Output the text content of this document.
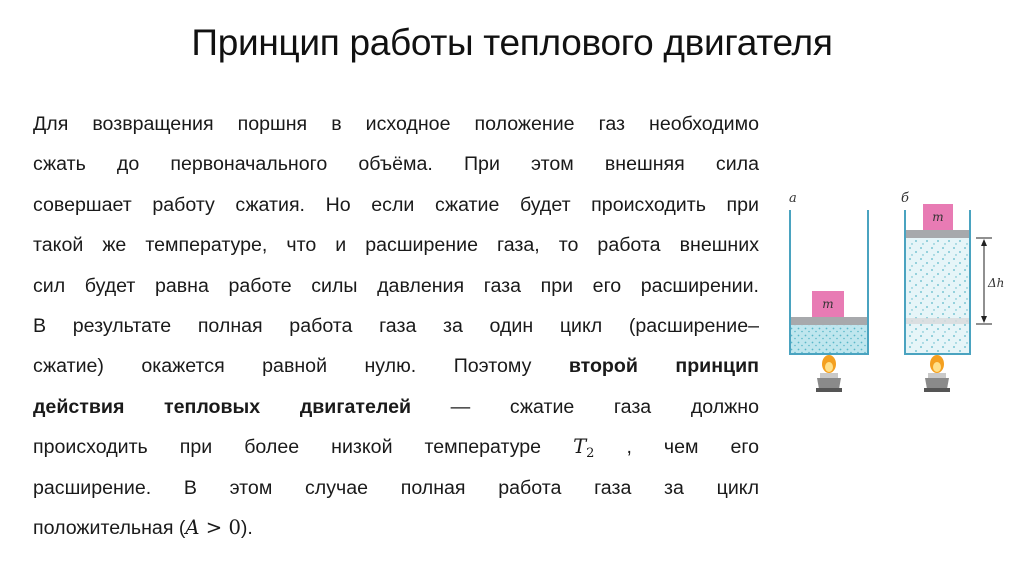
Принцип работы теплового двигателя
Для возвращения поршня в исходное положение газ необходимо
сжать до первоначального объёма. При этом внешняя сила
совершает работу сжатия. Но если сжатие будет происходить при
такой же температуре, что и расширение газа, то работа внешних
сил будет равна работе силы давления газа при его расширении.
В результате полная работа газа за один цикл (расширение–
сжатие) окажется равной нулю. Поэтому второй принцип
действия тепловых двигателей — сжатие газа должно
происходить при более низкой температуре $T_2$ , чем его
расширение. В этом случае полная работа газа за цикл
положительная (A > 0).
а
m
б
m
Δh
